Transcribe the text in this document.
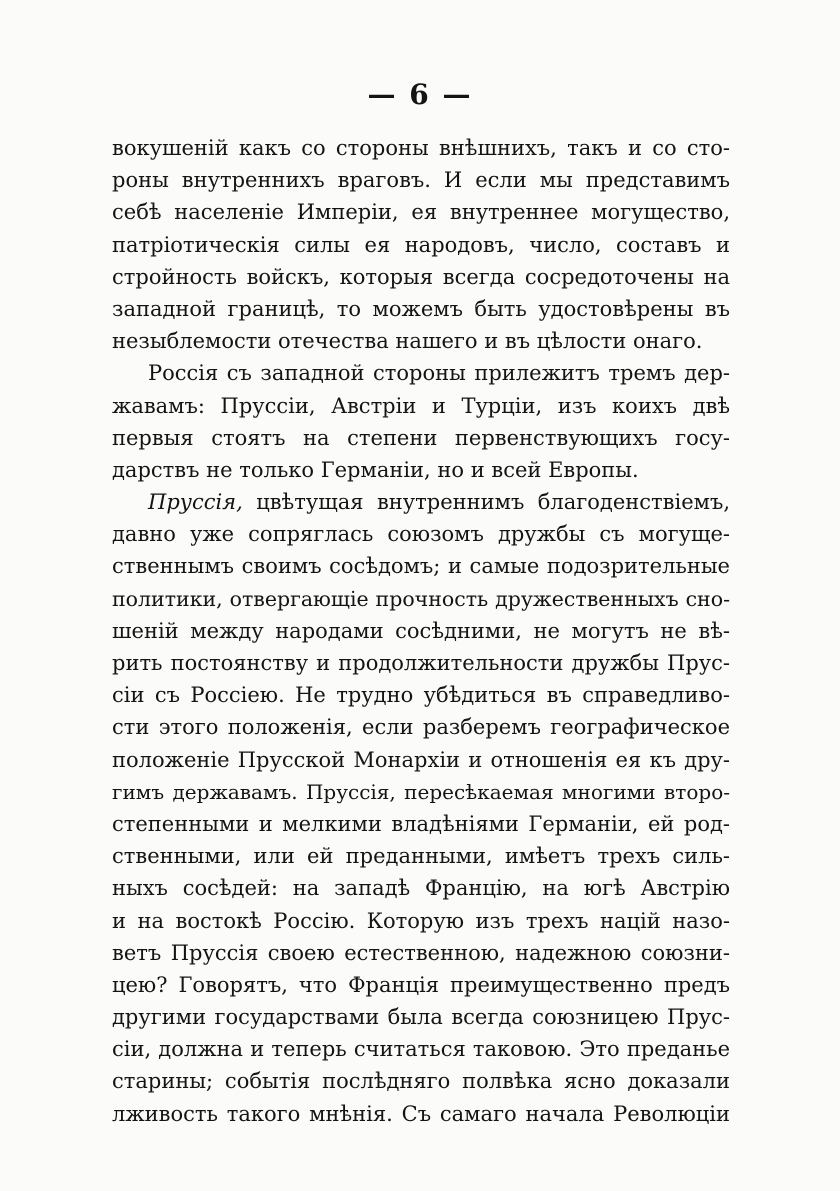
— 6 —
вокушеній какъ со стороны внѣшнихъ, такъ и со сто-
роны внутреннихъ враговъ. И если мы представимъ
себѣ населеніе Имперіи, ея внутреннее могущество,
патріотическія силы ея народовъ, число, составъ и
стройность войскъ, которыя всегда сосредоточены на
западной границѣ, то можемъ быть удостовѣрены въ
незыблемости отечества нашего и въ цѣлости онаго.
Россія съ западной стороны прилежитъ тремъ дер-
жавамъ: Пруссіи, Австріи и Турціи, изъ коихъ двѣ
первыя стоятъ на степени первенствующихъ госу-
дарствъ не только Германіи, но и всей Европы.
Пруссія, цвѣтущая внутреннимъ благоденствіемъ,
давно уже сопряглась союзомъ дружбы съ могуще-
ственнымъ своимъ сосѣдомъ; и самые подозрительные
политики, отвергающіе прочность дружественныхъ сно-
шеній между народами сосѣдними, не могутъ не вѣ-
рить постоянству и продолжительности дружбы Прус-
сіи съ Россіею. Не трудно убѣдиться въ справедливо-
сти этого положенія, если разберемъ географическое
положеніе Прусской Монархіи и отношенія ея къ дру-
гимъ державамъ. Пруссія, пересѣкаемая многими второ-
степенными и мелкими владѣніями Германіи, ей род-
ственными, или ей преданными, имѣетъ трехъ силь-
ныхъ сосѣдей: на западѣ Францію, на югѣ Австрію
и на востокѣ Россію. Которую изъ трехъ націй назо-
ветъ Пруссія своею естественною, надежною союзни-
цею? Говорятъ, что Франція преимущественно предъ
другими государствами была всегда союзницею Прус-
сіи, должна и теперь считаться таковою. Это преданье
старины; событія послѣдняго полвѣка ясно доказали
лживость такого мнѣнія. Съ самаго начала Революціи
